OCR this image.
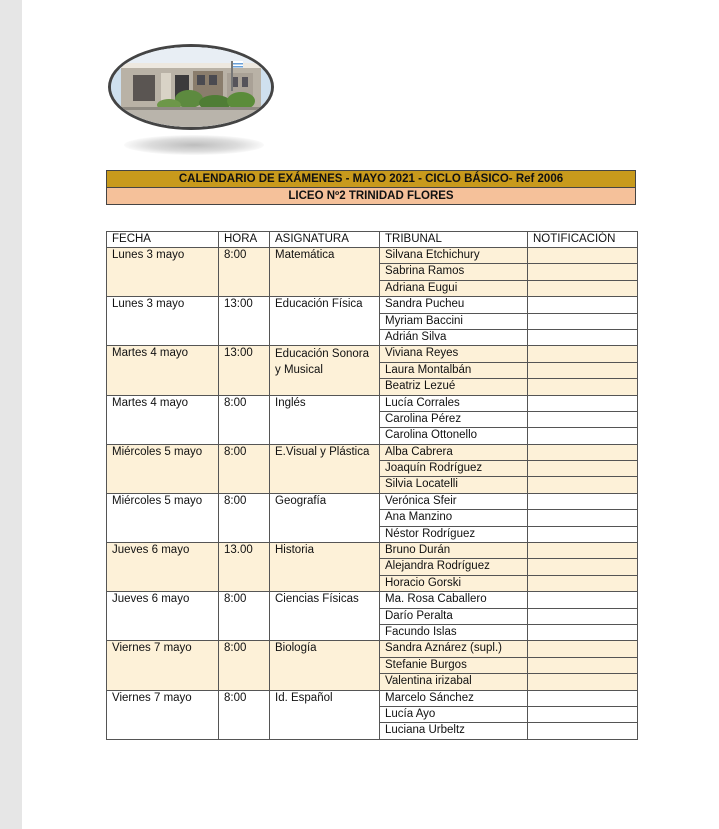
CALENDARIO DE EXÁMENES - MAYO 2021 - CICLO BÁSICO- Ref 2006
LICEO Nº2 TRINIDAD FLORES
FECHA	HORA	ASIGNATURA	TRIBUNAL	NOTIFICACIÓN
Lunes 3 mayo	8:00	Matemática	Silvana Etchichury	
			Sabrina Ramos	
			Adriana Eugui	
Lunes 3 mayo	13:00	Educación Física	Sandra Pucheu	
			Myriam Baccini	
			Adrián Silva	
Martes 4 mayo	13:00	Educación Sonora y Musical	Viviana Reyes	
			Laura Montalbán	
			Beatriz Lezué	
Martes 4 mayo	8:00	Inglés	Lucía Corrales	
			Carolina Pérez	
			Carolina Ottonello	
Miércoles 5 mayo	8:00	E.Visual y Plástica	Alba Cabrera	
			Joaquín Rodríguez	
			Silvia Locatelli	
Miércoles 5 mayo	8:00	Geografía	Verónica Sfeir	
			Ana Manzino	
			Néstor Rodríguez	
Jueves 6 mayo	13.00	Historia	Bruno Durán	
			Alejandra Rodríguez	
			Horacio Gorski	
Jueves 6 mayo	8:00	Ciencias Físicas	Ma. Rosa Caballero	
			Darío Peralta	
			Facundo Islas	
Viernes 7 mayo	8:00	Biología	Sandra Aznárez (supl.)	
			Stefanie Burgos	
			Valentina irizabal	
Viernes 7 mayo	8:00	Id. Español	Marcelo Sánchez	
			Lucía Ayo	
			Luciana Urbeltz	
